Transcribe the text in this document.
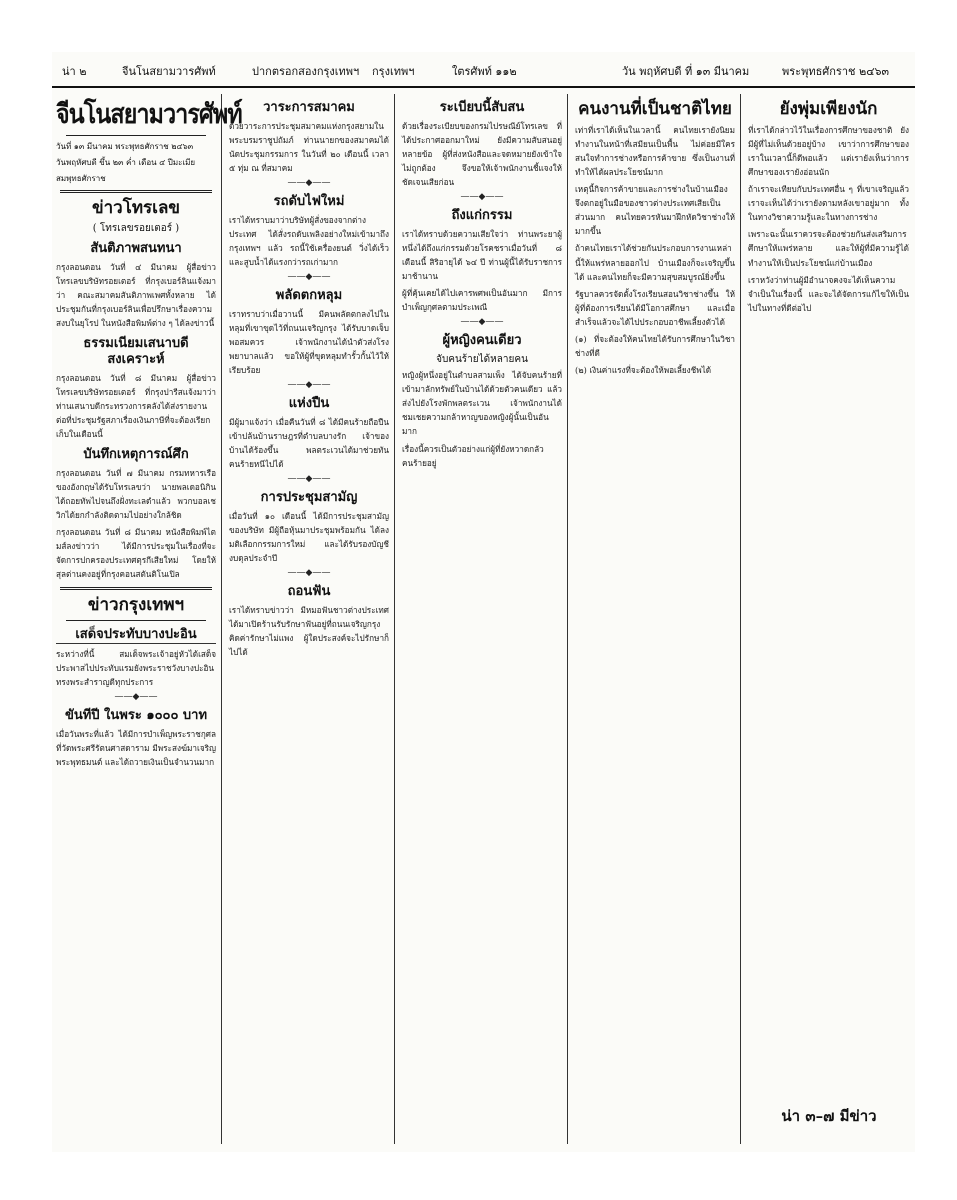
น่า ๒	จีนโนสยามวารศัพท์	ปากตรอกสองกรุงเทพฯ กรุงเทพฯ	ใตรศัพท์ ๑๑๒	วัน พฤหัศบดี ที่ ๑๓ มีนาคม	พระพุทธศักราช ๒๔๖๓
จีนโนสยามวารศัพท์
วันที่ ๑๓ มีนาคม พระพุทธศักราช ๒๔๖๓
วันพฤหัศบดี ขึ้น ๒๓ ค่ำ เดือน ๔ ปีมะเมีย
สมพุทธศักราช
ข่าวโทรเลข
( โทรเลขรอยเตอร์ )
สันติภาพสนทนา

กรุงลอนดอน วันที่ ๔ มีนาคม ผู้สื่อข่าวโทรเลขบริษัทรอยเตอร์ ที่กรุงเบอร์ลินแจ้งมาว่า คณะสมาคมสันติภาพเพศทั้งหลาย ได้ประชุมกันที่กรุงเบอร์ลินเพื่อปรึกษาเรื่องความสงบในยุโรป ในหนังสือพิมพ์ต่าง ๆ ได้ลงข่าวนี้

ธรรมเนียมเสนาบดีสงเคราะห์

กรุงลอนดอน วันที่ ๘ มีนาคม ผู้สื่อข่าวโทรเลขบริษัทรอยเตอร์ ที่กรุงปารีสแจ้งมาว่า ท่านเสนาบดีกระทรวงการคลังได้ส่งรายงานต่อที่ประชุมรัฐสภาเรื่องเงินภาษีที่จะต้องเรียกเก็บในเดือนนี้

บันทึกเหตุการณ์ศึก

กรุงลอนดอน วันที่ ๗ มีนาคม กรมทหารเรือของอังกฤษได้รับโทรเลขว่า นายพลเดอนิกินได้ถอยทัพไปจนถึงฝั่งทะเลดำแล้ว พวกบอลเชวิกได้ยกกำลังติดตามไปอย่างใกล้ชิด

กรุงลอนดอน วันที่ ๘ มีนาคม หนังสือพิมพ์ไตมส์ลงข่าวว่า ได้มีการประชุมในเรื่องที่จะจัดการปกครองประเทศตุรกีเสียใหม่ โดยให้สุลต่านคงอยู่ที่กรุงคอนสตันติโนเปิล

ข่าวกรุงเทพฯ
เสด็จประทับบางปะอิน

ระหว่างที่นี้ สมเด็จพระเจ้าอยู่หัวได้เสด็จประพาสไปประทับแรมยังพระราชวังบางปะอิน ทรงพระสำราญดีทุกประการ

——◆——
ขันทีปี ในพระ ๑๐๐๐ บาท

เมื่อวันพระที่แล้ว ได้มีการบำเพ็ญพระราชกุศลที่วัดพระศรีรัตนศาสดาราม มีพระสงฆ์มาเจริญพระพุทธมนต์ และได้ถวายเงินเป็นจำนวนมาก

วาระการสมาคม

ด้วยวาระการประชุมสมาคมแห่งกรุงสยามในพระบรมราชูปถัมภ์ ท่านนายกของสมาคมได้นัดประชุมกรรมการ ในวันที่ ๒๐ เดือนนี้ เวลา ๕ ทุ่ม ณ ที่สมาคม

——◆——
รถดับไฟใหม่

เราได้ทราบมาว่าบริษัทผู้สั่งของจากต่างประเทศ ได้สั่งรถดับเพลิงอย่างใหม่เข้ามาถึงกรุงเทพฯ แล้ว รถนี้ใช้เครื่องยนต์ วิ่งได้เร็วและสูบน้ำได้แรงกว่ารถเก่ามาก

——◆——
พลัดตกหลุม

เราทราบว่าเมื่อวานนี้ มีคนพลัดตกลงไปในหลุมที่เขาขุดไว้ที่ถนนเจริญกรุง ได้รับบาดเจ็บพอสมควร เจ้าพนักงานได้นำตัวส่งโรงพยาบาลแล้ว ขอให้ผู้ที่ขุดหลุมทำรั้วกั้นไว้ให้เรียบร้อย

——◆——
แห่งปืน

มีผู้มาแจ้งว่า เมื่อคืนวันที่ ๘ ได้มีคนร้ายถือปืนเข้าปล้นบ้านราษฎรที่ตำบลบางรัก เจ้าของบ้านได้ร้องขึ้น พลตระเวนได้มาช่วยทัน คนร้ายหนีไปได้

——◆——
การประชุมสามัญ

เมื่อวันที่ ๑๐ เดือนนี้ ได้มีการประชุมสามัญของบริษัท มีผู้ถือหุ้นมาประชุมพร้อมกัน ได้ลงมติเลือกกรรมการใหม่ และได้รับรองบัญชีงบดุลประจำปี

——◆——
ถอนฟัน

เราได้ทราบข่าวว่า มีหมอฟันชาวต่างประเทศ ได้มาเปิดร้านรับรักษาฟันอยู่ที่ถนนเจริญกรุง คิดค่ารักษาไม่แพง ผู้ใดประสงค์จะไปรักษาก็ไปได้

ระเบียบนี้สับสน

ด้วยเรื่องระเบียบของกรมไปรษณีย์โทรเลข ที่ได้ประกาศออกมาใหม่ ยังมีความสับสนอยู่หลายข้อ ผู้ที่ส่งหนังสือและจดหมายยังเข้าใจไม่ถูกต้อง จึงขอให้เจ้าพนักงานชี้แจงให้ชัดเจนเสียก่อน

——◆——
ถึงแก่กรรม

เราได้ทราบด้วยความเสียใจว่า ท่านพระยาผู้หนึ่งได้ถึงแก่กรรมด้วยโรคชราเมื่อวันที่ ๘ เดือนนี้ สิริอายุได้ ๖๔ ปี ท่านผู้นี้ได้รับราชการมาช้านาน

ผู้ที่คุ้นเคยได้ไปเคารพศพเป็นอันมาก มีการบำเพ็ญกุศลตามประเพณี

——◆——
ผู้หญิงคนเดียว
จับคนร้ายได้หลายคน

หญิงผู้หนึ่งอยู่ในตำบลสามเพ็ง ได้จับคนร้ายที่เข้ามาลักทรัพย์ในบ้านได้ด้วยตัวคนเดียว แล้วส่งไปยังโรงพักพลตระเวน เจ้าพนักงานได้ชมเชยความกล้าหาญของหญิงผู้นั้นเป็นอันมาก

เรื่องนี้ควรเป็นตัวอย่างแก่ผู้ที่ยังหวาดกลัวคนร้ายอยู่

คนงานที่เป็นชาติไทย

เท่าที่เราได้เห็นในเวลานี้ คนไทยเรายังนิยมทำงานในหน้าที่เสมียนเป็นพื้น ไม่ค่อยมีใครสนใจทำการช่างหรือการค้าขาย ซึ่งเป็นงานที่ทำให้ได้ผลประโยชน์มาก

เหตุนี้กิจการค้าขายและการช่างในบ้านเมืองจึงตกอยู่ในมือของชาวต่างประเทศเสียเป็นส่วนมาก คนไทยควรหันมาฝึกหัดวิชาช่างให้มากขึ้น

ถ้าคนไทยเราได้ช่วยกันประกอบการงานเหล่านี้ให้แพร่หลายออกไป บ้านเมืองก็จะเจริญขึ้นได้ และคนไทยก็จะมีความสุขสมบูรณ์ยิ่งขึ้น

รัฐบาลควรจัดตั้งโรงเรียนสอนวิชาช่างขึ้น ให้ผู้ที่ต้องการเรียนได้มีโอกาสศึกษา และเมื่อสำเร็จแล้วจะได้ไปประกอบอาชีพเลี้ยงตัวได้

(๑) ที่จะต้องให้คนไทยได้รับการศึกษาในวิชาช่างที่ดี

(๒) เงินค่าแรงที่จะต้องให้พอเลี้ยงชีพได้

ยังพุ่มเพียงนัก

ที่เราได้กล่าวไว้ในเรื่องการศึกษาของชาติ ยังมีผู้ที่ไม่เห็นด้วยอยู่บ้าง เขาว่าการศึกษาของเราในเวลานี้ก็ดีพอแล้ว แต่เรายังเห็นว่าการศึกษาของเรายังอ่อนนัก

ถ้าเราจะเทียบกับประเทศอื่น ๆ ที่เขาเจริญแล้ว เราจะเห็นได้ว่าเรายังตามหลังเขาอยู่มาก ทั้งในทางวิชาความรู้และในทางการช่าง

เพราะฉะนั้นเราควรจะต้องช่วยกันส่งเสริมการศึกษาให้แพร่หลาย และให้ผู้ที่มีความรู้ได้ทำงานให้เป็นประโยชน์แก่บ้านเมือง

เราหวังว่าท่านผู้มีอำนาจคงจะได้เห็นความจำเป็นในเรื่องนี้ และจะได้จัดการแก้ไขให้เป็นไปในทางที่ดีต่อไป

น่า ๓–๗ มีข่าว
